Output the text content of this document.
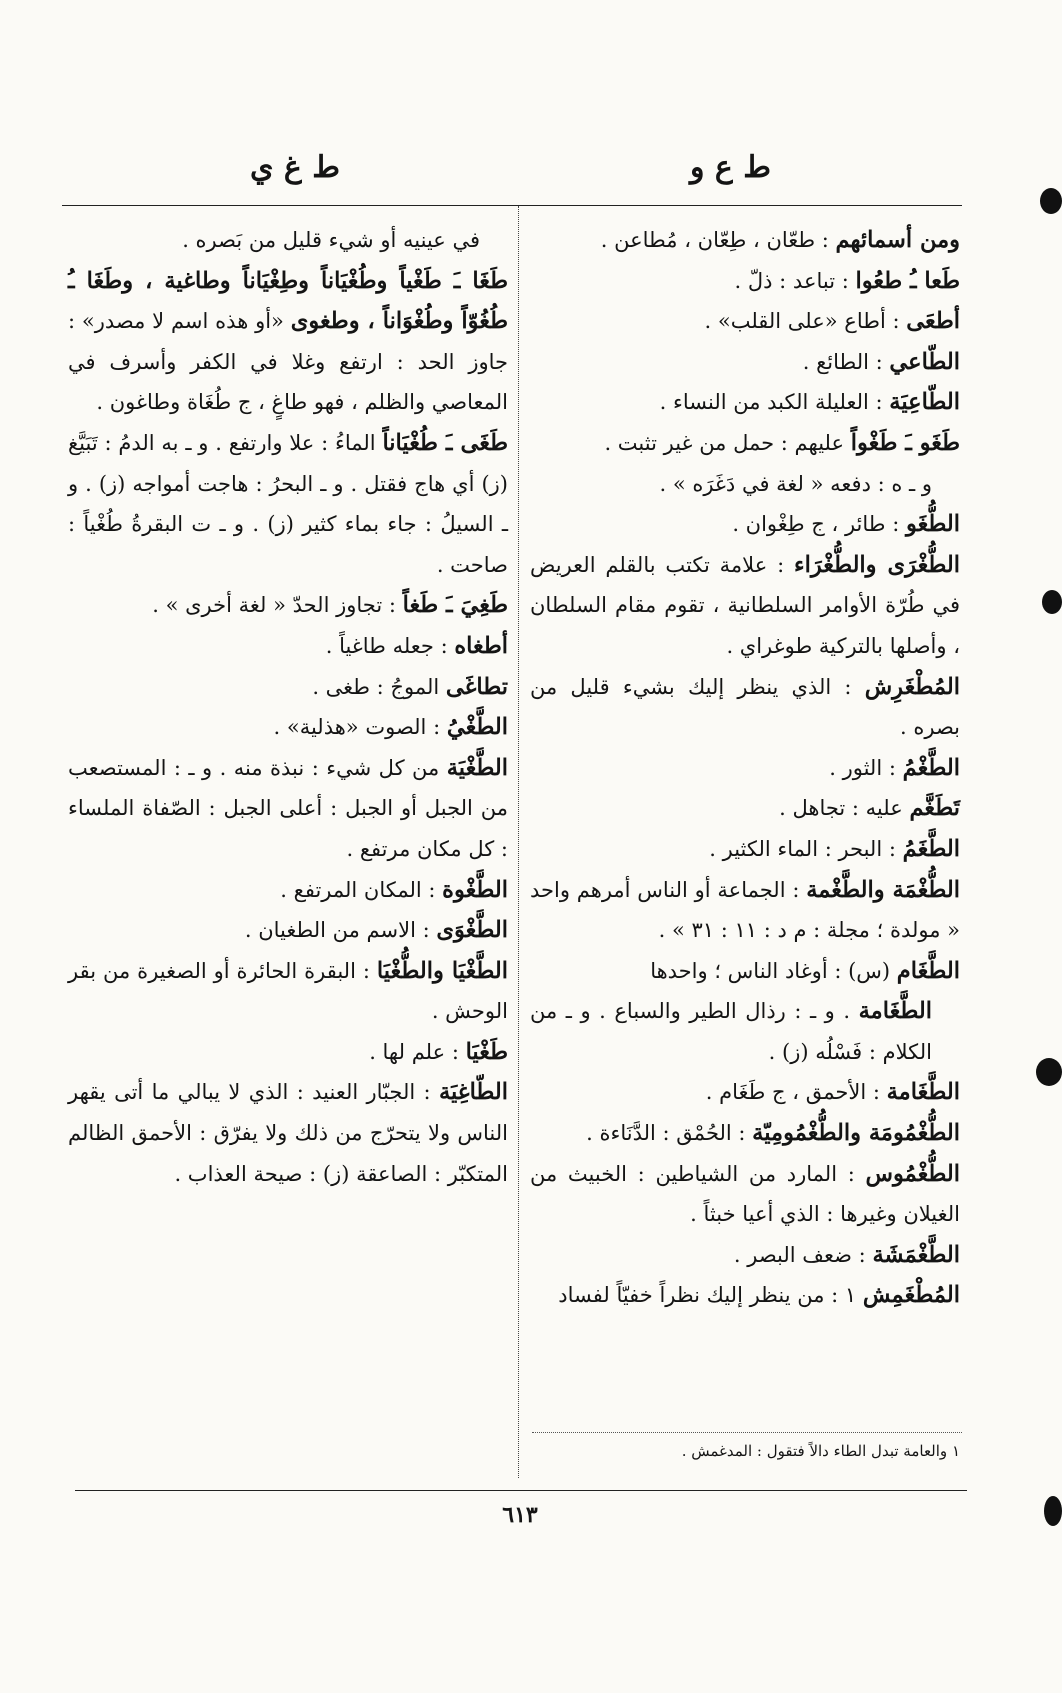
ط ع و
ط غ ي

ومن أسمائهم : طعّان ، طِعّان ، مُطاعن .

طَعا ـُ طعُوا : تباعد : ذلّ .

أطعَى : أطاع «على القلب» .

الطّاعي : الطائع .

الطّاعِيَة : العليلة الكبد من النساء .

طَغَو ـَ طَغْواً عليهم : حمل من غير تثبت .

و ـ ه : دفعه « لغة في دَغَرَه » .

الطُّغَو : طائر ، ج طِغْوان .

الطُّغْرَى والطُّغْرَاء : علامة تكتب بالقلم العريض في طُرّة الأوامر السلطانية ، تقوم مقام السلطان ، وأصلها بالتركية طوغراي .

المُطْغَرِش : الذي ينظر إليك بشيء قليل من بصره .

الطَّغْمُ : الثور .

تَطَغَّم عليه : تجاهل .

الطَّغَمُ : البحر : الماء الكثير .

الطُّغْمَة والطَّغْمة : الجماعة أو الناس أمرهم واحد « مولدة ؛ مجلة : م د : ١١ : ٣١ » .

الطَّغَام (س) : أوغاد الناس ؛ واحدها

الطَّغَامة . و ـ : رذال الطير والسباع . و ـ من الكلام : فَسْلُه (ز) .

الطَّغَامة : الأحمق ، ج طَغَام .

الطُّغْمُومَة والطُّغْمُومِيّة : الحُمْق : الدَّنَاءة .

الطُّغْمُوس : المارد من الشياطين : الخبيث من الغيلان وغيرها : الذي أعيا خبثاً .

الطَّغْمَشَة : ضعف البصر .

المُطْغَمِش ١ : من ينظر إليك نظراً خفيّاً لفساد

في عينيه أو شيء قليل من بَصره .

طَغَا ـَ طَغْياً وطُغْيَاناً وطِغْيَاناً وطاغية ، وطَغَا ـُ طُغُوّاً وطُغْوَاناً ، وطغوى «أو هذه اسم لا مصدر» : جاوز الحد : ارتفع وغلا في الكفر وأسرف في المعاصي والظلم ، فهو طاغٍ ، ج طُغَاة وطاغون .

طَغَى ـَ طُغْيَاناً الماءُ : علا وارتفع . و ـ به الدمُ : تَبَيَّغ (ز) أي هاج فقتل . و ـ البحرُ : هاجت أمواجه (ز) . و ـ السيلُ : جاء بماء كثير (ز) . و ـ ت البقرةُ طُغْياً : صاحت .

طَغِيَ ـَ طَغاً : تجاوز الحدّ « لغة أخرى » .

أطغاه : جعله طاغياً .

تطاغَى الموجُ : طغى .

الطَّغْيُ : الصوت «هذلية» .

الطَّغْيَة من كل شيء : نبذة منه . و ـ : المستصعب من الجبل أو الجبل : أعلى الجبل : الصّفاة الملساء : كل مكان مرتفع .

الطَّغْوة : المكان المرتفع .

الطَّغْوَى : الاسم من الطغيان .

الطَّغْيَا والطُّغْيَا : البقرة الحائرة أو الصغيرة من بقر الوحش .

طَغْيَا : علم لها .

الطّاغِيَة : الجبّار العنيد : الذي لا يبالي ما أتى يقهر الناس ولا يتحرّج من ذلك ولا يفرّق : الأحمق الظالم المتكبّر : الصاعقة (ز) : صيحة العذاب .

١ والعامة تبدل الطاء دالاً فتقول : المدغمش .
٦١٣
